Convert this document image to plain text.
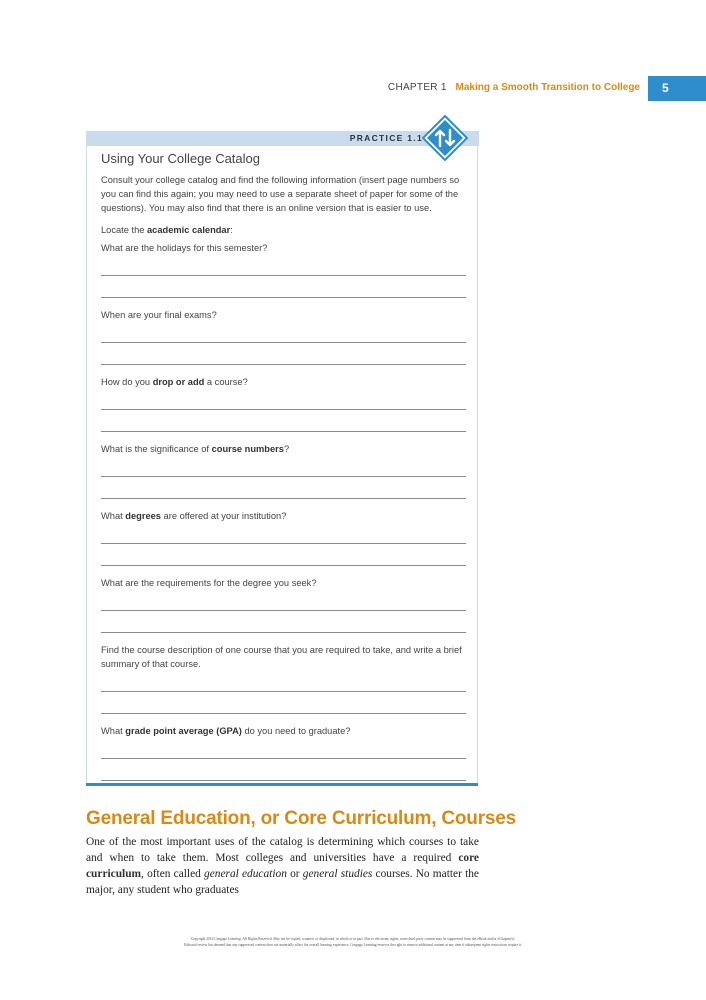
CHAPTER 1 Making a Smooth Transition to College	5
PRACTICE 1.1

Using Your College Catalog

Consult your college catalog and find the following information (insert page numbers so you can find this again; you may need to use a separate sheet of paper for some of the questions). You may also find that there is an online version that is easier to use.

Locate the academic calendar:

What are the holidays for this semester?

When are your final exams?

How do you drop or add a course?

What is the significance of course numbers?

What degrees are offered at your institution?

What are the requirements for the degree you seek?

Find the course description of one course that you are required to take, and write a brief summary of that course.

What grade point average (GPA) do you need to graduate?

General Education, or Core Curriculum, Courses

One of the most important uses of the catalog is determining which courses to take and when to take them. Most colleges and universities have a required core curriculum, often called general education or general studies courses. No matter the major, any student who graduates

Copyright 2016 Cengage Learning. All Rights Reserved. May not be copied, scanned, or duplicated, in whole or in part. Due to electronic rights, some third party content may be suppressed from the eBook and/or eChapter(s).
Editorial review has deemed that any suppressed content does not materially affect the overall learning experience. Cengage Learning reserves the right to remove additional content at any time if subsequent rights restrictions require it.
